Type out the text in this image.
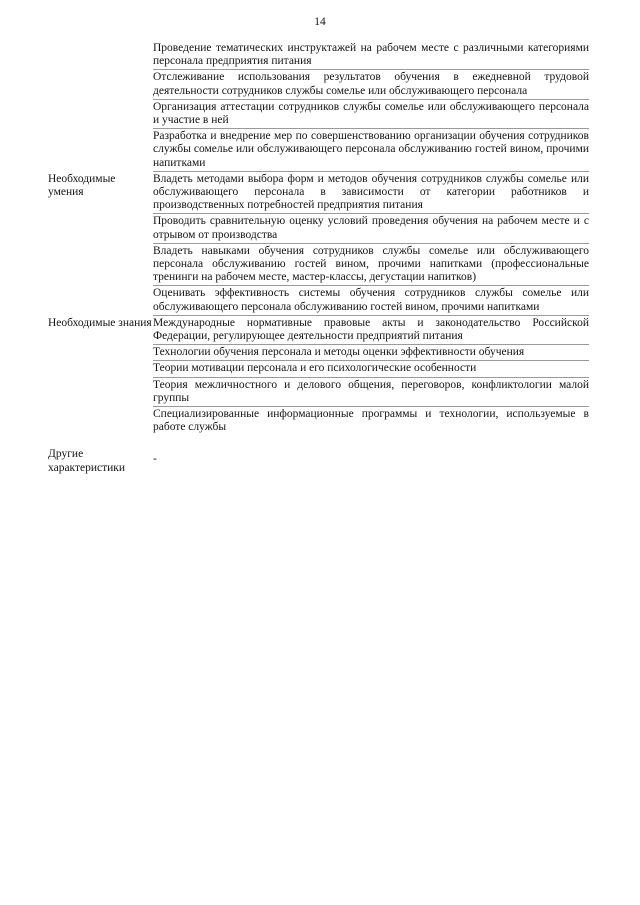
14
Проведение тематических инструктажей на рабочем месте с различными категориями персонала предприятия питания
Отслеживание использования результатов обучения в ежедневной трудовой деятельности сотрудников службы сомелье или обслуживающего персонала
Организация аттестации сотрудников службы сомелье или обслуживающего персонала и участие в ней
Разработка и внедрение мер по совершенствованию организации обучения сотрудников службы сомелье или обслуживающего персонала обслуживанию гостей вином, прочими напитками
Необходимые умения
Владеть методами выбора форм и методов обучения сотрудников службы сомелье или обслуживающего персонала в зависимости от категории работников и производственных потребностей предприятия питания
Проводить сравнительную оценку условий проведения обучения на рабочем месте и с отрывом от производства
Владеть навыками обучения сотрудников службы сомелье или обслуживающего персонала обслуживанию гостей вином, прочими напитками (профессиональные тренинги на рабочем месте, мастер-классы, дегустации напитков)
Оценивать эффективность системы обучения сотрудников службы сомелье или обслуживающего персонала обслуживанию гостей вином, прочими напитками
Необходимые знания Международные нормативные правовые акты и законодательство Российской Федерации, регулирующее деятельности предприятий питания
Технологии обучения персонала и методы оценки эффективности обучения
Теории мотивации персонала и его психологические особенности
Теория межличностного и делового общения, переговоров, конфликтологии малой группы
Специализированные информационные программы и технологии, используемые в работе службы
Другие характеристики
-
